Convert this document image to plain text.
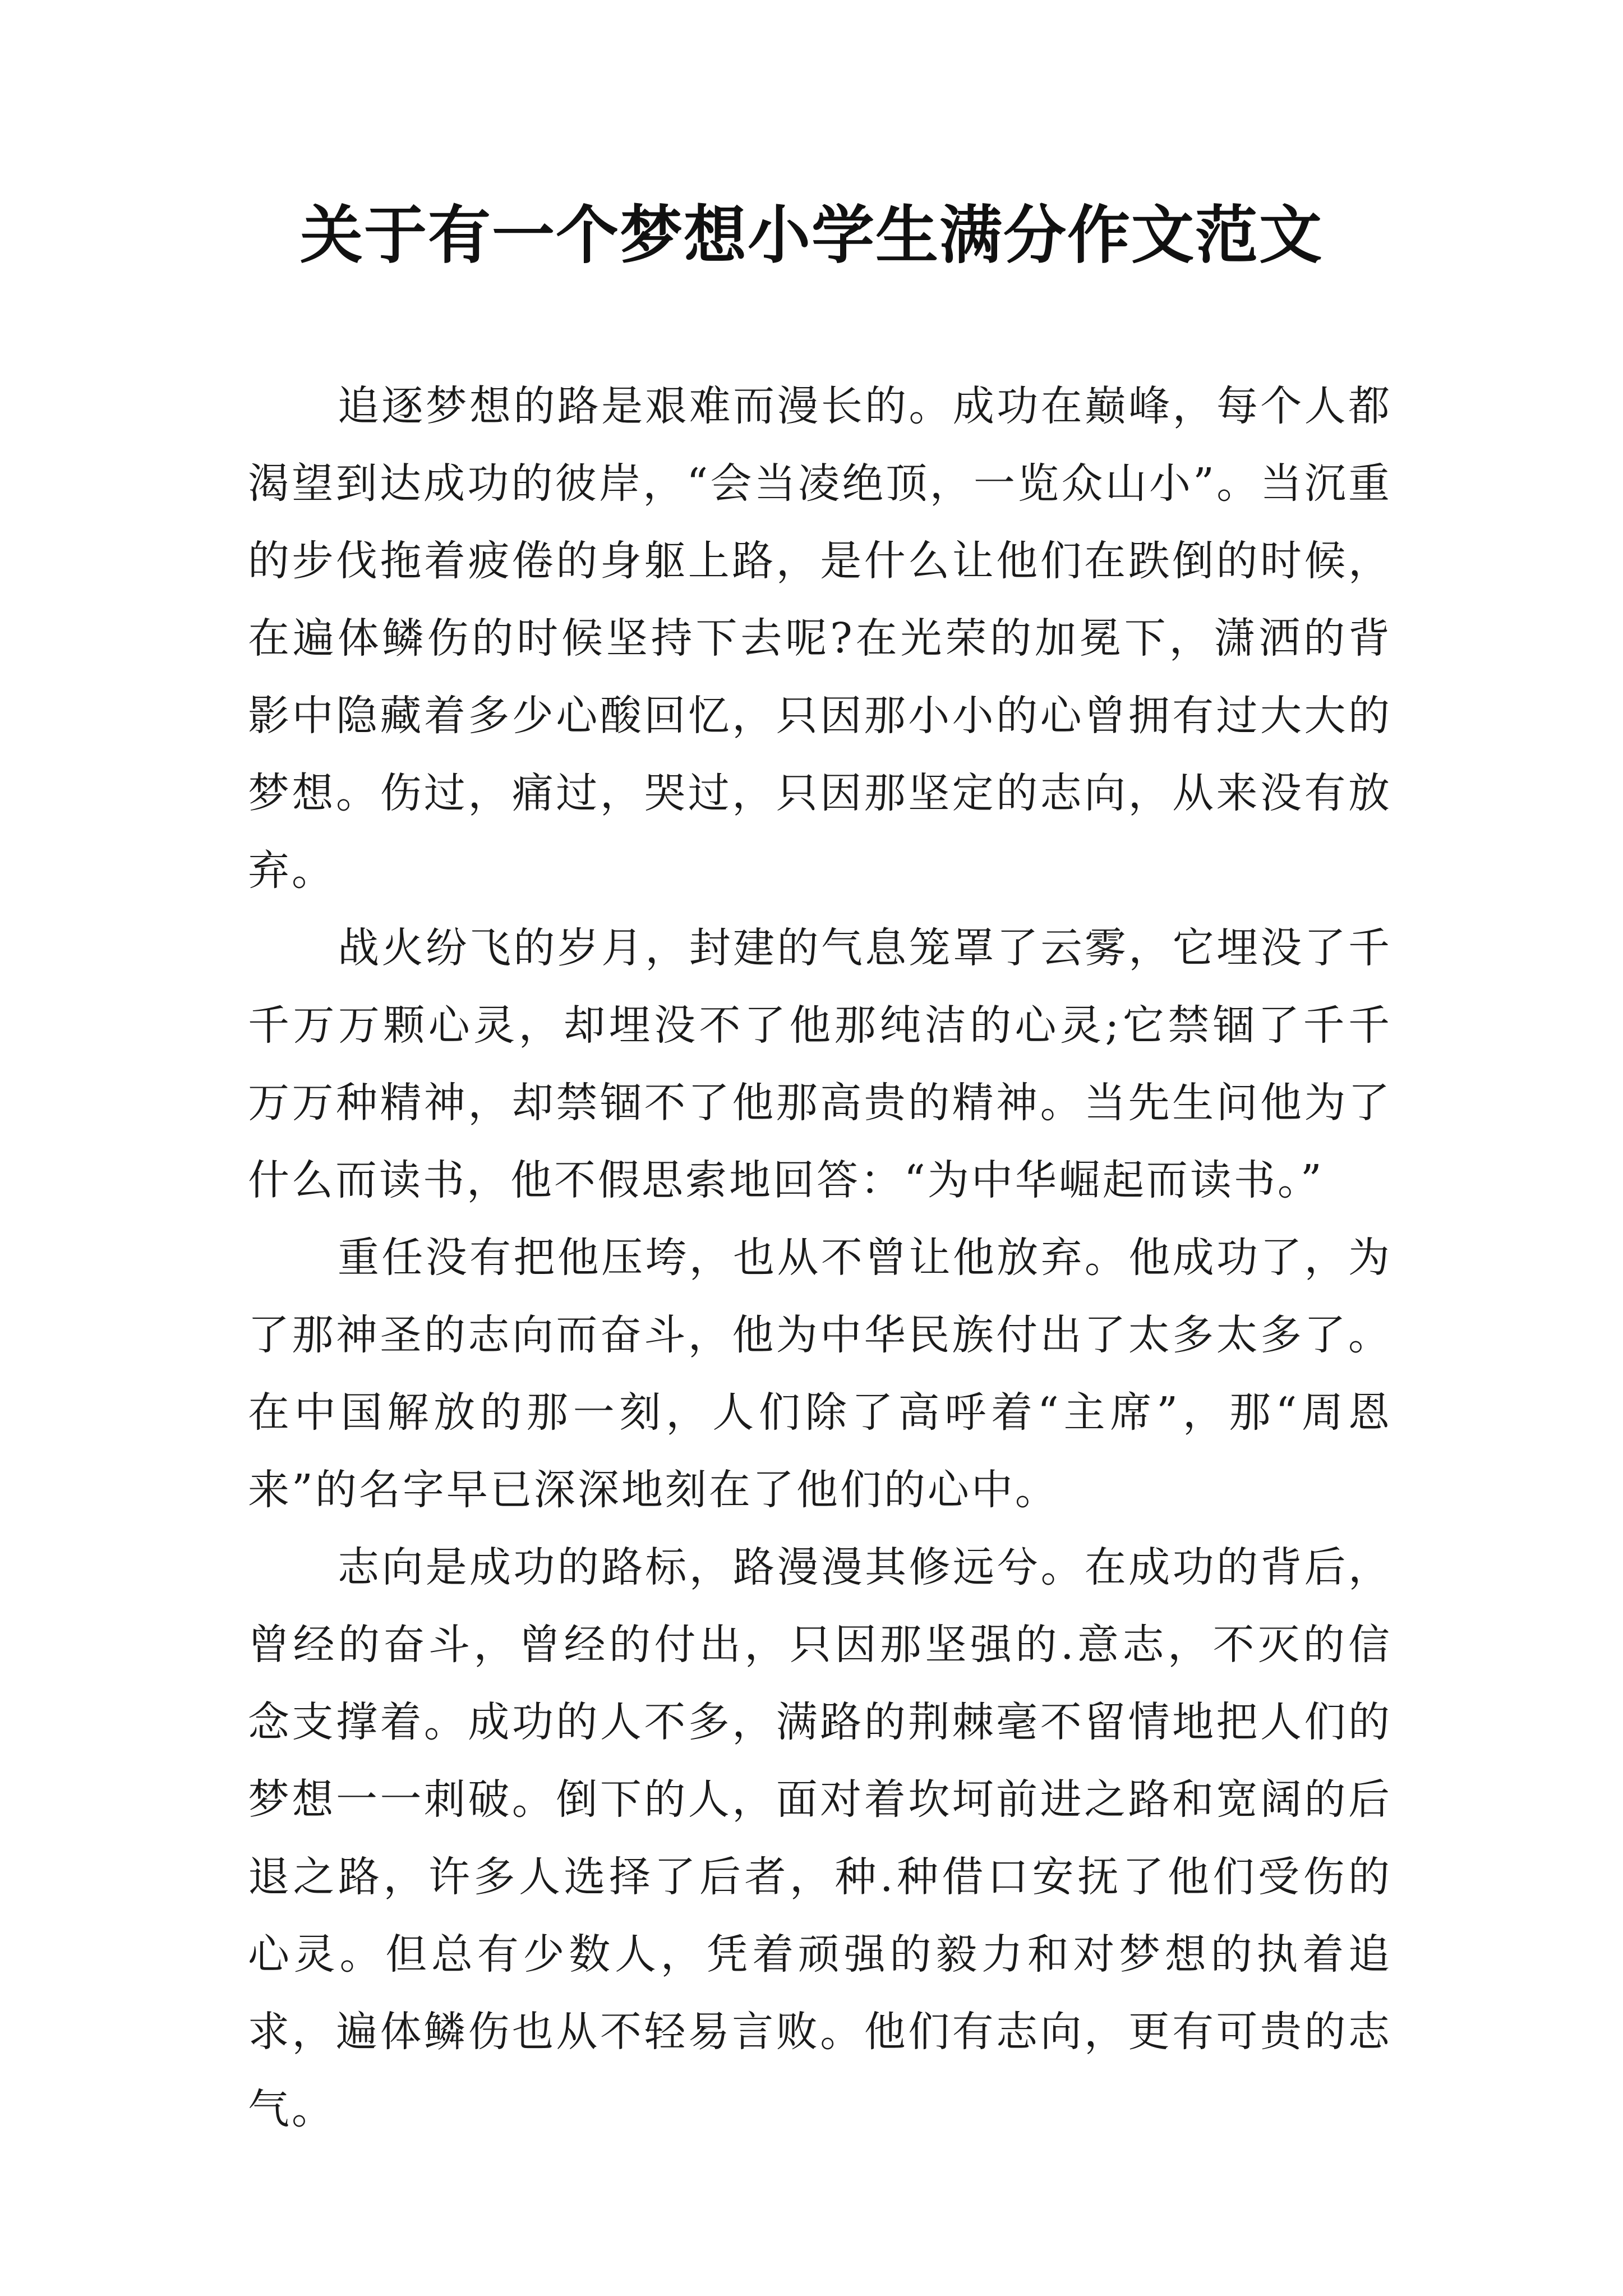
关于有一个梦想小学生满分作文范文

追逐梦想的路是艰难而漫长的。成功在巅峰，每个人都渴望到达成功的彼岸，“会当凌绝顶，一览众山小”。当沉重的步伐拖着疲倦的身躯上路，是什么让他们在跌倒的时候，在遍体鳞伤的时候坚持下去呢?在光荣的加冕下，潇洒的背影中隐藏着多少心酸回忆，只因那小小的心曾拥有过大大的梦想。伤过，痛过，哭过，只因那坚定的志向，从来没有放弃。

战火纷飞的岁月，封建的气息笼罩了云雾，它埋没了千千万万颗心灵，却埋没不了他那纯洁的心灵;它禁锢了千千万万种精神，却禁锢不了他那高贵的精神。当先生问他为了什么而读书，他不假思索地回答：“为中华崛起而读书。”

重任没有把他压垮，也从不曾让他放弃。他成功了，为了那神圣的志向而奋斗，他为中华民族付出了太多太多了。在中国解放的那一刻，人们除了高呼着“主席”，那“周恩来”的名字早已深深地刻在了他们的心中。

志向是成功的路标，路漫漫其修远兮。在成功的背后，曾经的奋斗，曾经的付出，只因那坚强的.意志，不灭的信念支撑着。成功的人不多，满路的荆棘毫不留情地把人们的梦想一一刺破。倒下的人，面对着坎坷前进之路和宽阔的后退之路，许多人选择了后者，种.种借口安抚了他们受伤的心灵。但总有少数人，凭着顽强的毅力和对梦想的执着追求，遍体鳞伤也从不轻易言败。他们有志向，更有可贵的志气。
